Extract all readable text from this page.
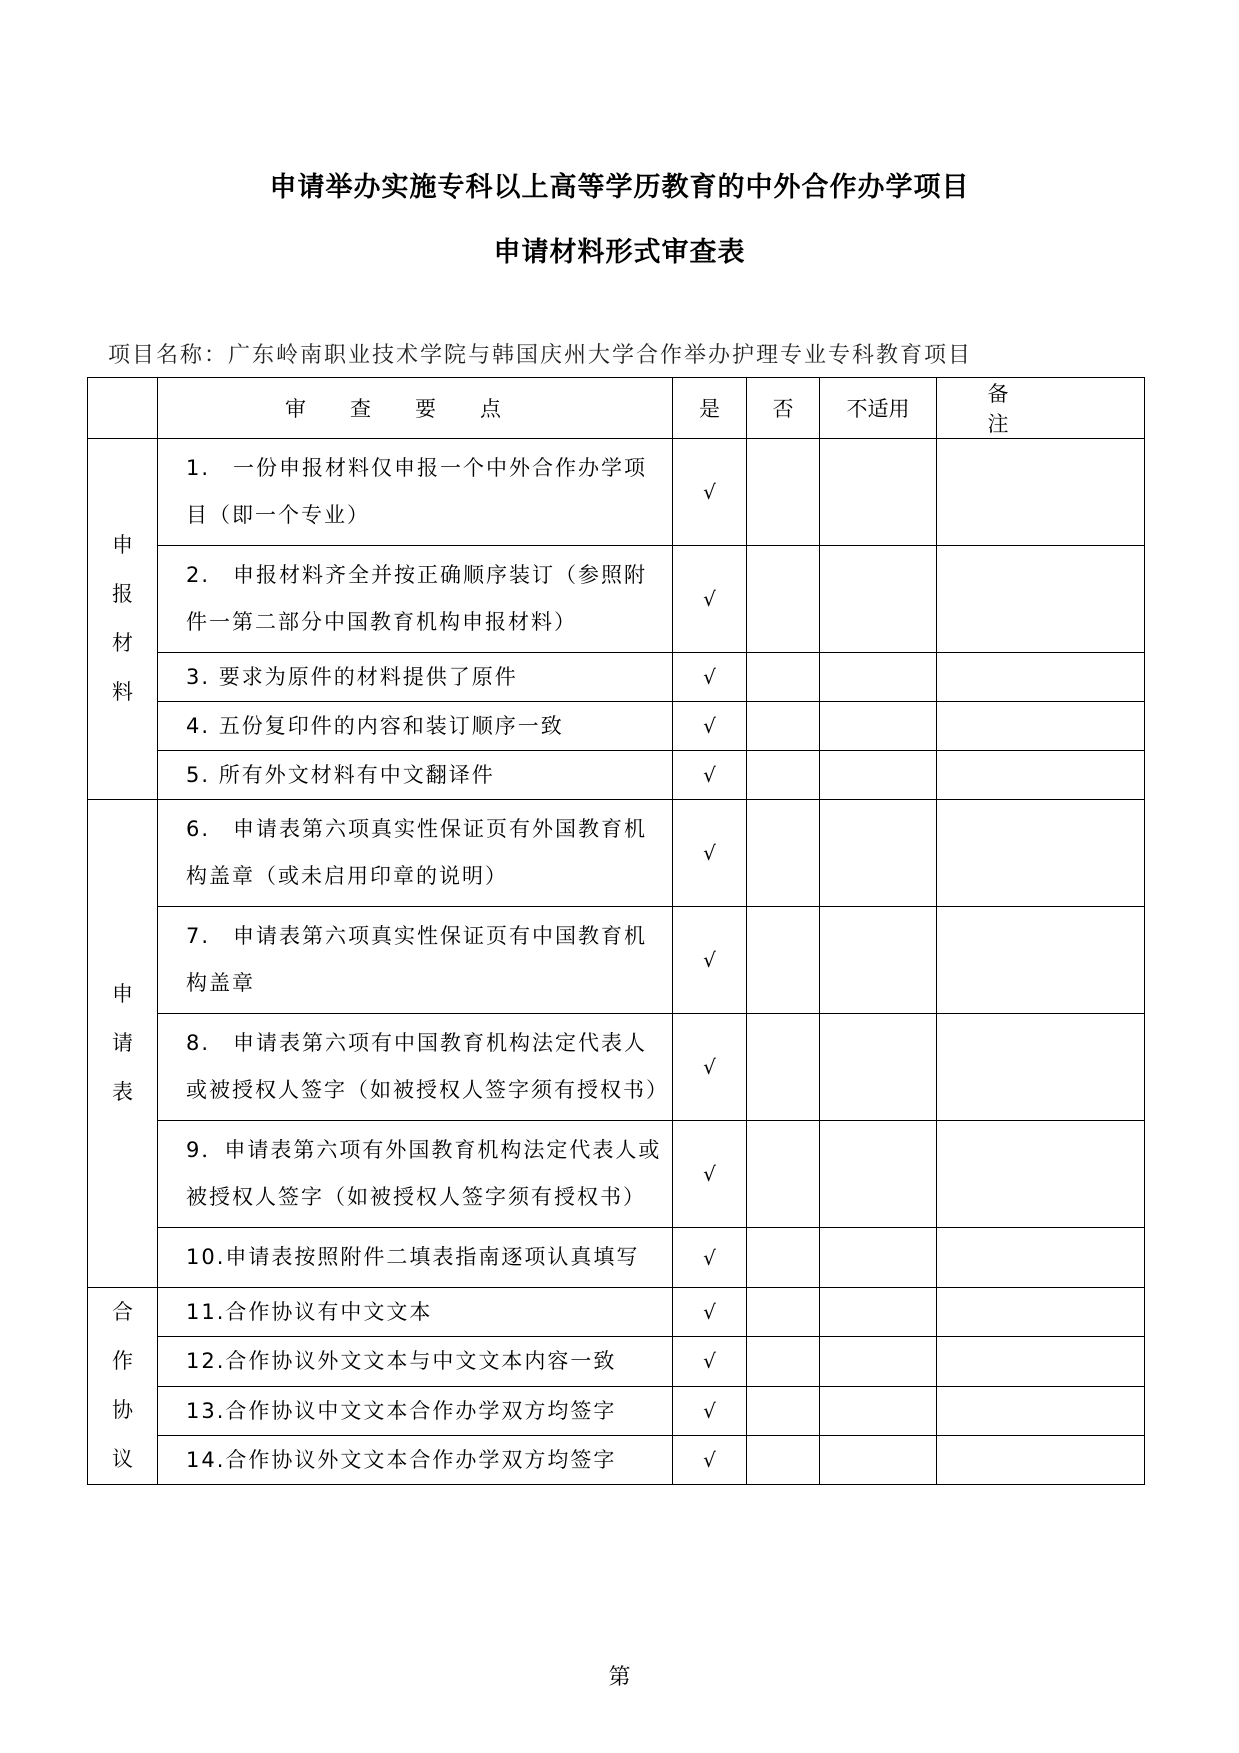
申请举办实施专科以上高等学历教育的中外合作办学项目
申请材料形式审查表
项目名称：广东岭南职业技术学院与韩国庆州大学合作举办护理专业专科教育项目
	审查要点	是	否	不适用	备注

申
报
材
料	1.　一份申报材料仅申报一个中外合作办学项目（即一个专业）	√			
	2.　申报材料齐全并按正确顺序装订（参照附件一第二部分中国教育机构申报材料）	√			
	3. 要求为原件的材料提供了原件	√			
	4. 五份复印件的内容和装订顺序一致	√			
	5. 所有外文材料有中文翻译件	√			

申
请
表	6.　申请表第六项真实性保证页有外国教育机构盖章（或未启用印章的说明）	√			
	7.　申请表第六项真实性保证页有中国教育机构盖章	√			
	8.　申请表第六项有中国教育机构法定代表人或被授权人签字（如被授权人签字须有授权书）	√			
	9．申请表第六项有外国教育机构法定代表人或被授权人签字（如被授权人签字须有授权书）	√			
	10.申请表按照附件二填表指南逐项认真填写	√			

合
作
协
议	11.合作协议有中文文本	√			
	12.合作协议外文文本与中文文本内容一致	√			
	13.合作协议中文文本合作办学双方均签字	√			
	14.合作协议外文文本合作办学双方均签字	√			
第
